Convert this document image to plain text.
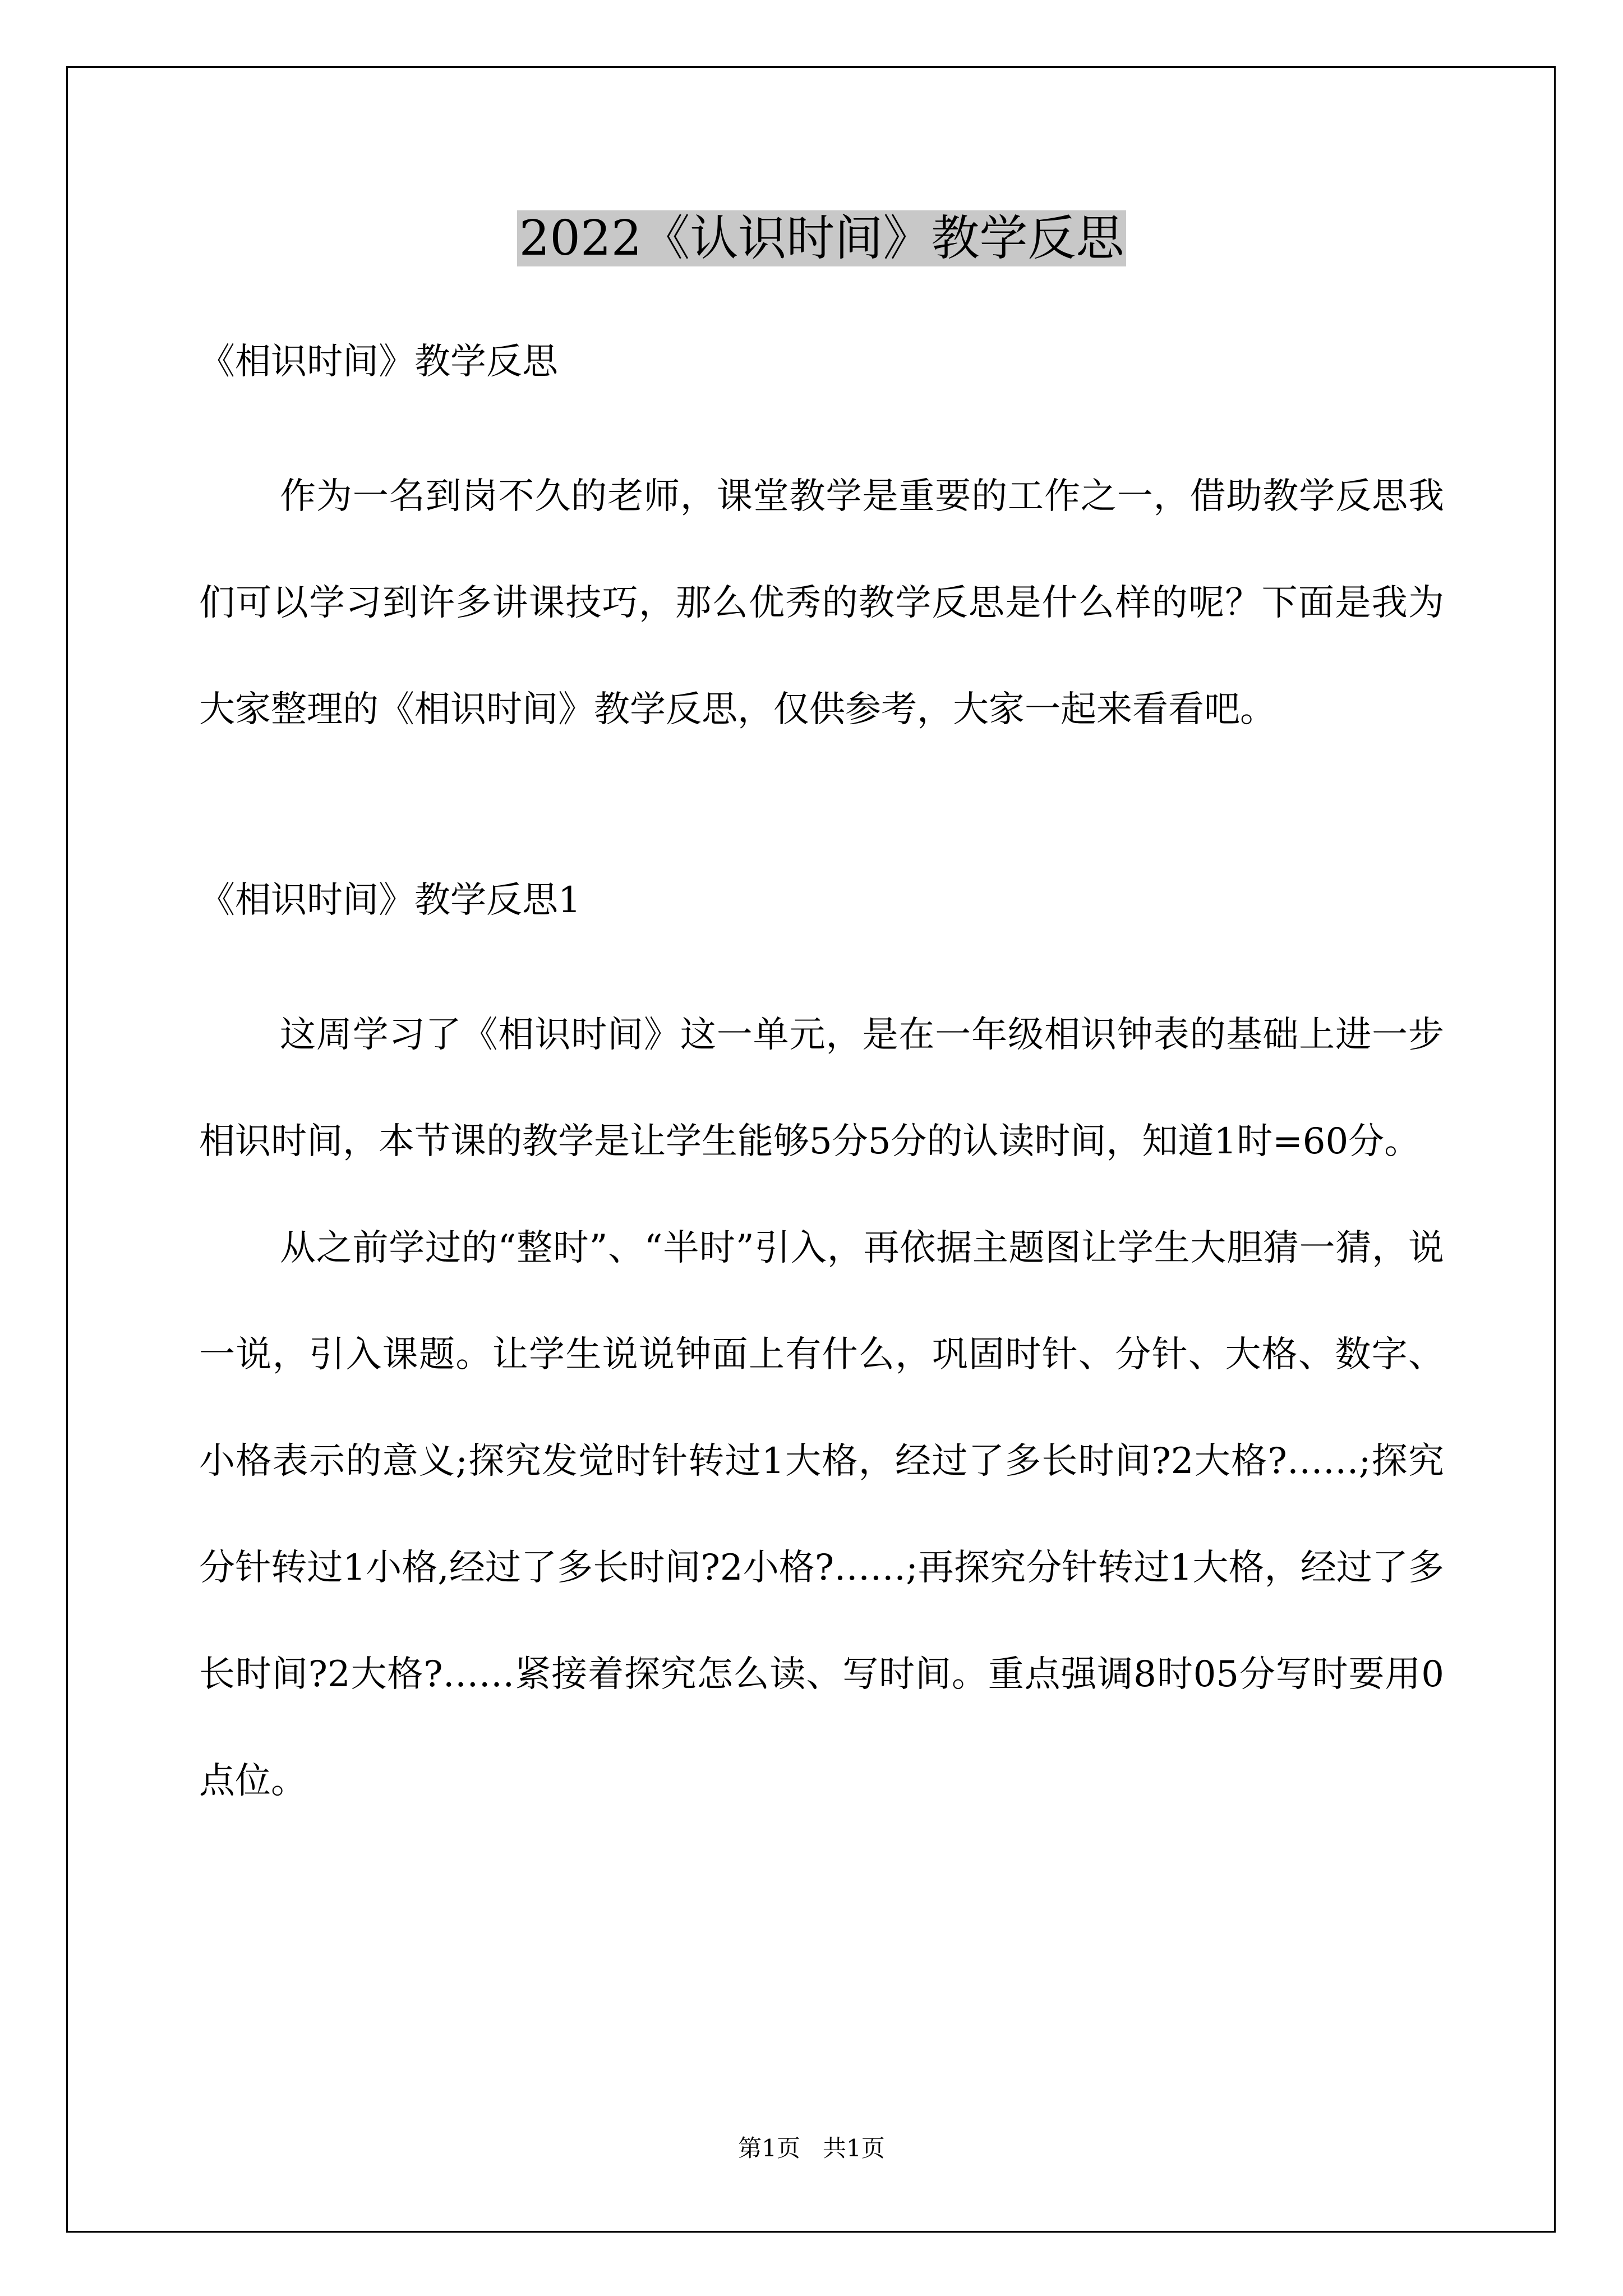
2022《认识时间》教学反思
《相识时间》教学反思

作为一名到岗不久的老师，课堂教学是重要的工作之一，借助教学反思我们可以学习到许多讲课技巧，那么优秀的教学反思是什么样的呢？下面是我为大家整理的《相识时间》教学反思，仅供参考，大家一起来看看吧。

《相识时间》教学反思1

这周学习了《相识时间》这一单元，是在一年级相识钟表的基础上进一步相识时间，本节课的教学是让学生能够5分5分的认读时间，知道1时=60分。

从之前学过的“整时”、“半时”引入，再依据主题图让学生大胆猜一猜，说一说，引入课题。让学生说说钟面上有什么，巩固时针、分针、大格、数字、小格表示的意义;探究发觉时针转过1大格，经过了多长时间?2大格?……;探究分针转过1小格,经过了多长时间?2小格?……;再探究分针转过1大格，经过了多长时间?2大格?……紧接着探究怎么读、写时间。重点强调8时05分写时要用0点位。

第1页 共1页
